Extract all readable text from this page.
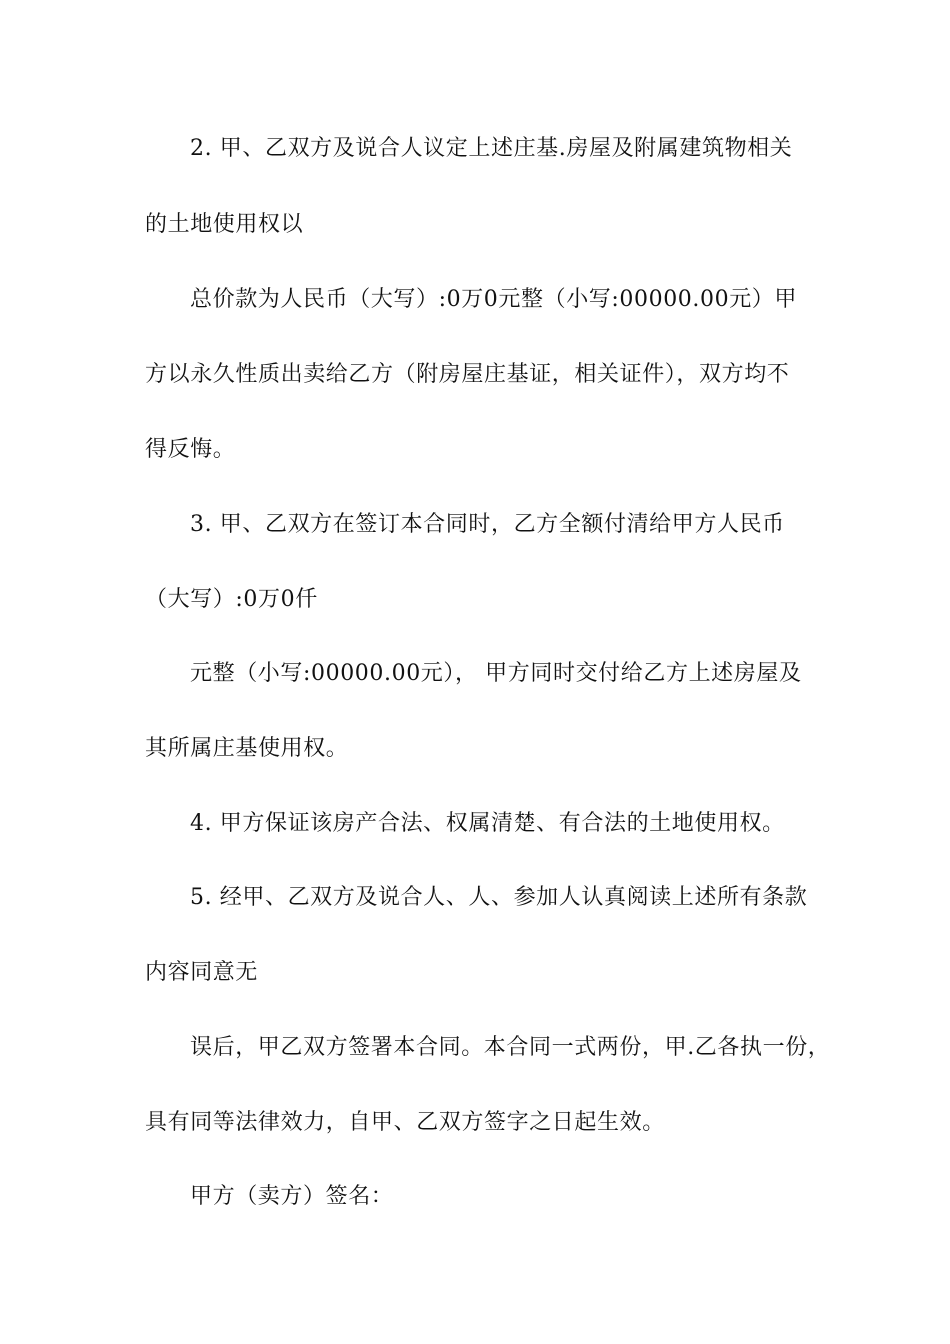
2. 甲、乙双方及说合人议定上述庄基.房屋及附属建筑物相关
的土地使用权以
总价款为人民币（大写）:0万0元整（小写:00000.00元）甲
方以永久性质出卖给乙方（附房屋庄基证，相关证件），双方均不
得反悔。
3. 甲、乙双方在签订本合同时，乙方全额付清给甲方人民币
（大写）:0万0仟
元整（小写:00000.00元）， 甲方同时交付给乙方上述房屋及
其所属庄基使用权。
4. 甲方保证该房产合法、权属清楚、有合法的土地使用权。
5. 经甲、乙双方及说合人、人、参加人认真阅读上述所有条款
内容同意无
误后，甲乙双方签署本合同。本合同一式两份，甲.乙各执一份，
具有同等法律效力，自甲、乙双方签字之日起生效。
甲方（卖方）签名：
